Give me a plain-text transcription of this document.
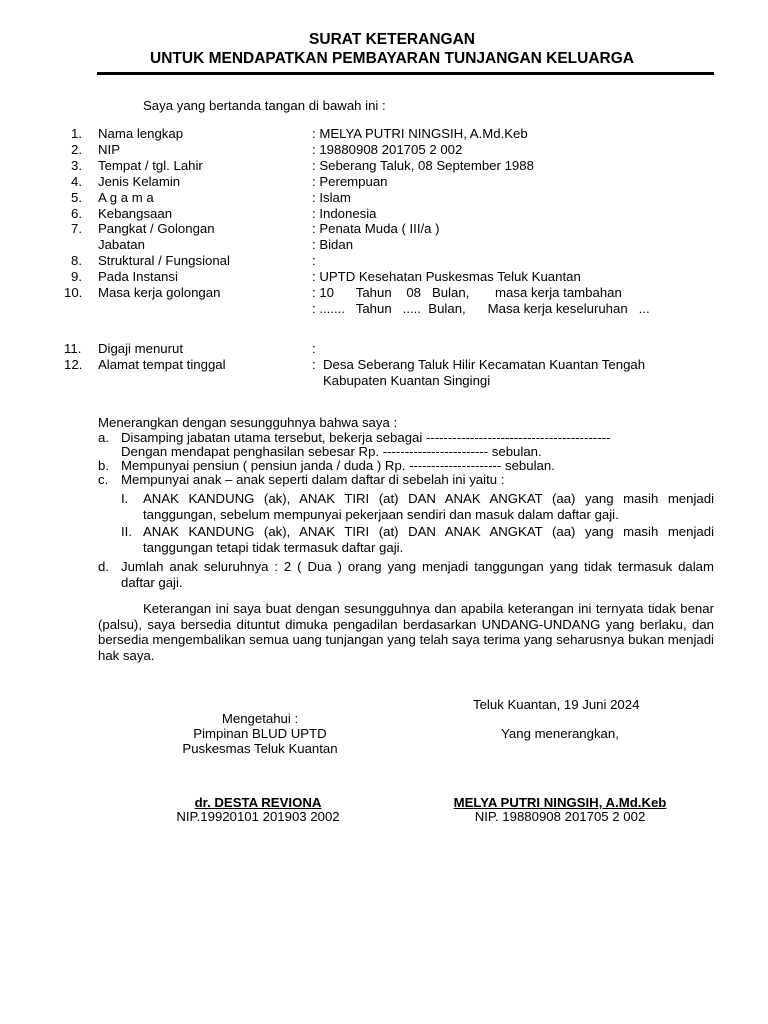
SURAT KETERANGAN
UNTUK MENDAPATKAN PEMBAYARAN TUNJANGAN KELUARGA
Saya yang bertanda tangan di bawah ini :
1. Nama lengkap	: MELYA PUTRI NINGSIH, A.Md.Keb
2. NIP	: 19880908 201705 2 002
3. Tempat / tgl. Lahir	: Seberang Taluk, 08 September 1988
4. Jenis Kelamin	: Perempuan
5. A g a m a	: Islam
6. Kebangsaan	: Indonesia
7. Pangkat / Golongan	: Penata Muda ( III/a )
Jabatan	: Bidan
8. Struktural / Fungsional	:
9. Pada Instansi	: UPTD Kesehatan Puskesmas Teluk Kuantan
10. Masa kerja golongan	: 10      Tahun    08   Bulan,       masa kerja tambahan
: .......   Tahun   .....  Bulan,      Masa kerja keseluruhan   ...
11. Digaji menurut	:
12. Alamat tempat tinggal	:  Desa Seberang Taluk Hilir Kecamatan Kuantan Tengah
Kabupaten Kuantan Singingi
Menerangkan dengan sesungguhnya bahwa saya :
a. Disamping jabatan utama tersebut, bekerja sebagai ------------------------------------------
Dengan mendapat penghasilan sebesar Rp. ------------------------ sebulan.
b. Mempunyai pensiun ( pensiun janda / duda ) Rp. --------------------- sebulan.
c. Mempunyai anak – anak seperti dalam daftar di sebelah ini yaitu :
I. ANAK KANDUNG (ak), ANAK TIRI (at) DAN ANAK ANGKAT (aa) yang masih menjadi tanggungan, sebelum mempunyai pekerjaan sendiri dan masuk dalam daftar gaji.
II. ANAK KANDUNG (ak), ANAK TIRI (at) DAN ANAK ANGKAT (aa) yang masih menjadi tanggungan tetapi tidak termasuk daftar gaji.
d. Jumlah anak seluruhnya : 2 ( Dua ) orang yang menjadi tanggungan yang tidak termasuk dalam daftar gaji.
Keterangan ini saya buat dengan sesungguhnya dan apabila keterangan ini ternyata tidak benar (palsu), saya bersedia dituntut dimuka pengadilan berdasarkan UNDANG-UNDANG yang berlaku, dan bersedia mengembalikan semua uang tunjangan yang telah saya terima yang seharusnya bukan menjadi hak saya.
Teluk Kuantan, 19 Juni 2024
Mengetahui :
Pimpinan BLUD UPTD
Puskesmas Teluk Kuantan
Yang menerangkan,
dr. DESTA REVIONA
NIP.19920101 201903 2002
MELYA PUTRI NINGSIH, A.Md.Keb
NIP. 19880908 201705 2 002
